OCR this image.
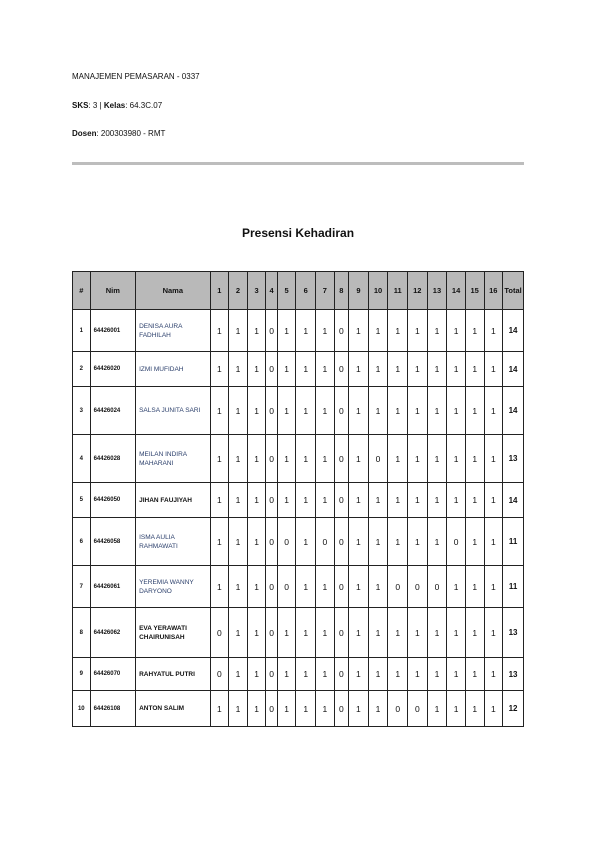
MANAJEMEN PEMASARAN - 0337
SKS: 3 | Kelas: 64.3C.07
Dosen: 200303980 - RMT
Presensi Kehadiran
#	Nim	Nama	1	2	3	4	5	6	7	8	9	10	11	12	13	14	15	16	Total
1	64426001	DENISA AURA FADHILAH	1	1	1	0	1	1	1	0	1	1	1	1	1	1	1	1	14
2	64426020	IZMI MUFIDAH	1	1	1	0	1	1	1	0	1	1	1	1	1	1	1	1	14
3	64426024	SALSA JUNITA SARI	1	1	1	0	1	1	1	0	1	1	1	1	1	1	1	1	14
4	64426028	MEILAN INDIRA MAHARANI	1	1	1	0	1	1	1	0	1	0	1	1	1	1	1	1	13
5	64426050	JIHAN FAUJIYAH	1	1	1	0	1	1	1	0	1	1	1	1	1	1	1	1	14
6	64426058	ISMA AULIA RAHMAWATI	1	1	1	0	0	1	0	0	1	1	1	1	1	0	1	1	11
7	64426061	YEREMIA WANNY DARYONO	1	1	1	0	0	1	1	0	1	1	0	0	0	1	1	1	11
8	64426062	EVA YERAWATI CHAIRUNISAH	0	1	1	0	1	1	1	0	1	1	1	1	1	1	1	1	13
9	64426070	RAHYATUL PUTRI	0	1	1	0	1	1	1	0	1	1	1	1	1	1	1	1	13
10	64426108	ANTON SALIM	1	1	1	0	1	1	1	0	1	1	0	0	1	1	1	1	12
